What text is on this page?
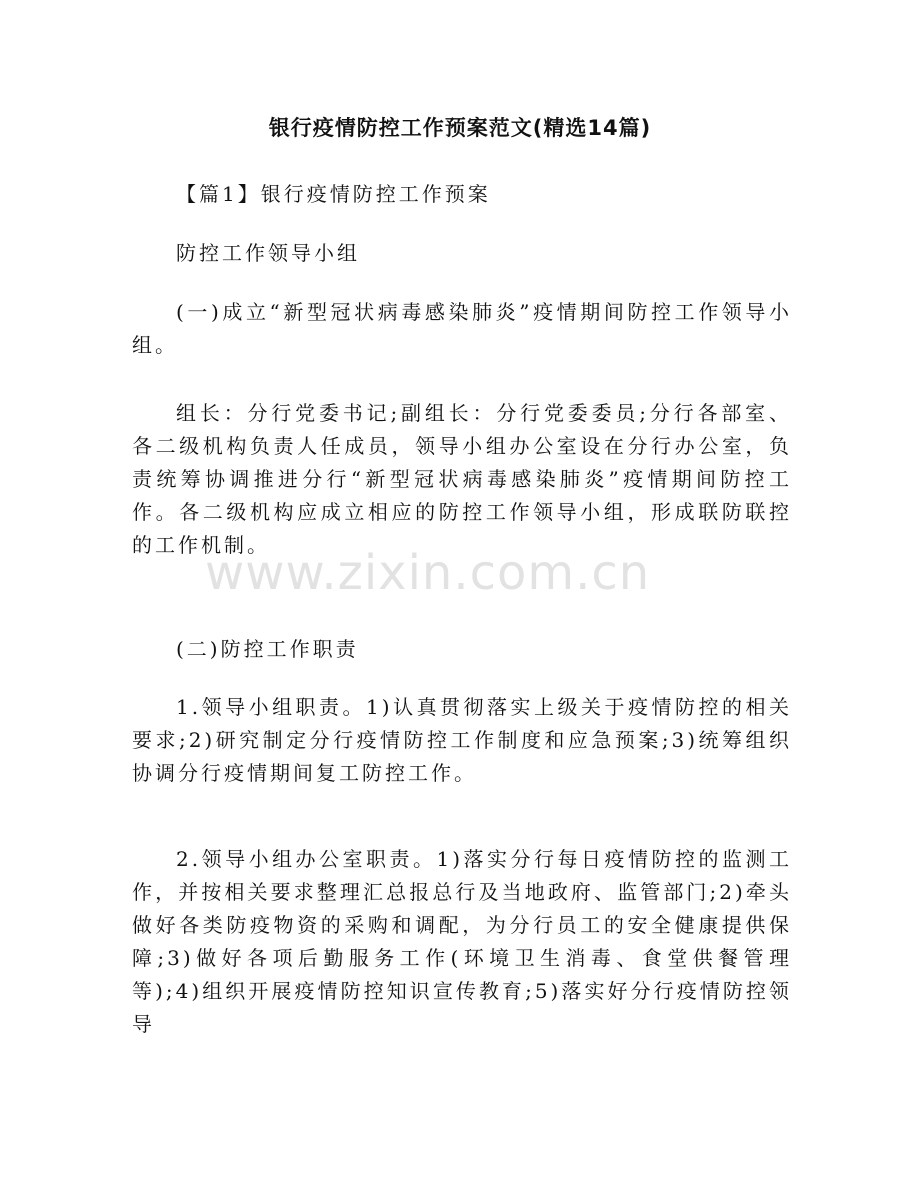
银行疫情防控工作预案范文(精选14篇)
【篇1】银行疫情防控工作预案
防控工作领导小组
(一)成立“新型冠状病毒感染肺炎”疫情期间防控工作领导小组。
组长：分行党委书记;副组长：分行党委委员;分行各部室、各二级机构负责人任成员，领导小组办公室设在分行办公室，负责统筹协调推进分行“新型冠状病毒感染肺炎”疫情期间防控工作。各二级机构应成立相应的防控工作领导小组，形成联防联控的工作机制。
(二)防控工作职责
1.领导小组职责。1)认真贯彻落实上级关于疫情防控的相关要求;2)研究制定分行疫情防控工作制度和应急预案;3)统筹组织协调分行疫情期间复工防控工作。
2.领导小组办公室职责。1)落实分行每日疫情防控的监测工作，并按相关要求整理汇总报总行及当地政府、监管部门;2)牵头做好各类防疫物资的采购和调配，为分行员工的安全健康提供保障;3)做好各项后勤服务工作(环境卫生消毒、食堂供餐管理等);4)组织开展疫情防控知识宣传教育;5)落实好分行疫情防控领导
www.zixin.com.cn
